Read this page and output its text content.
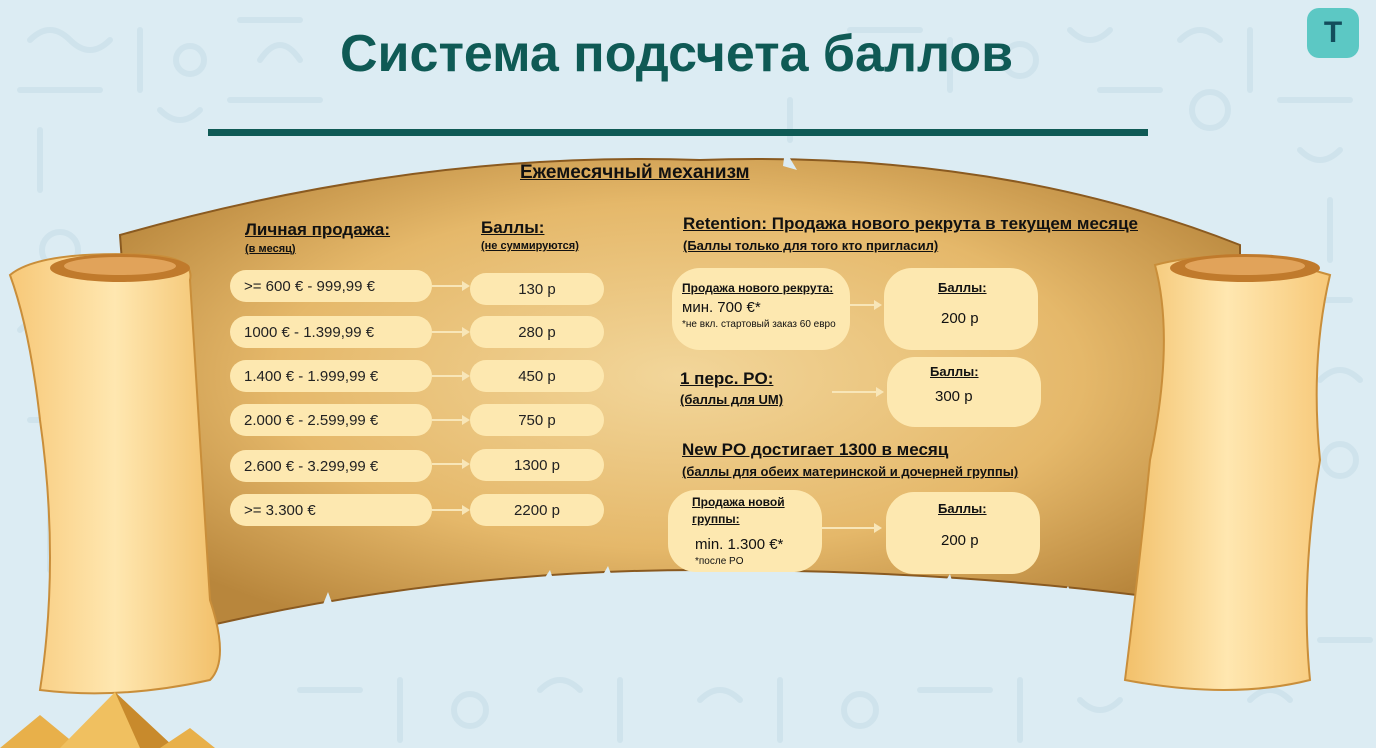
Система подсчета баллов	T
Ежемесячный механизм
Личная продажа:
(в месяц)
Баллы:
(не суммируются)
>= 600 € - 999,99 €	130 р
1000 € - 1.399,99 €	280 р
1.400 € - 1.999,99 €	450 р
2.000 € - 2.599,99 €	750 р
2.600 € - 3.299,99 €	1300 р
>= 3.300 €	2200 р
Retention: Продажа нового рекрута в текущем месяце
(Баллы только для того кто пригласил)
Продажа нового рекрута:
мин. 700 €*
*не вкл. стартовый заказ 60 евро
Баллы:
200 р
1 перс. PO:
(баллы для UM)
Баллы:
300 р
New PO достигает 1300 в месяц
(баллы для обеих материнской и дочерней группы)
Продажа новой
группы:
min. 1.300 €*
*после PO
Баллы:
200 р
